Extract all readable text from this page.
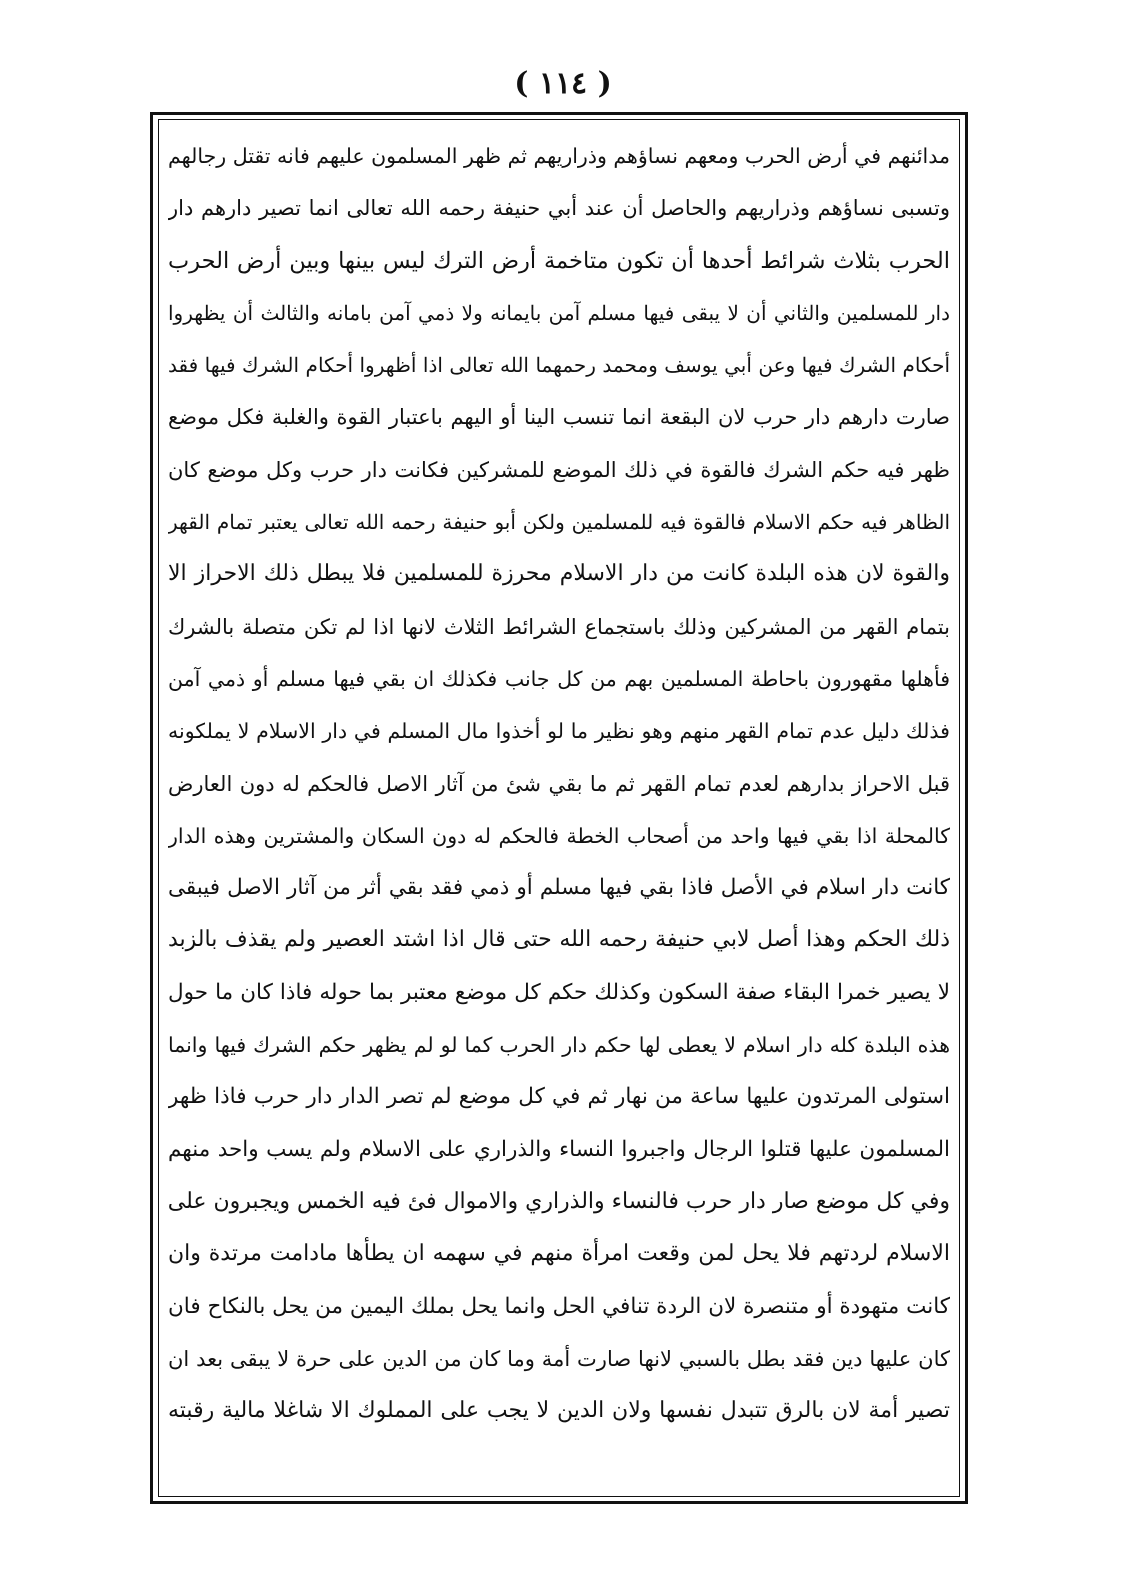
( ١١٤ )
مدائنهم في أرض الحرب ومعهم نساؤهم وذراريهم ثم ظهر المسلمون عليهم فانه تقتل رجالهم
وتسبى نساؤهم وذراريهم والحاصل أن عند أبي حنيفة رحمه الله تعالى انما تصير دارهم دار
الحرب بثلاث شرائط أحدها أن تكون متاخمة أرض الترك ليس بينها وبين أرض الحرب
دار للمسلمين والثاني أن لا يبقى فيها مسلم آمن بايمانه ولا ذمي آمن بامانه والثالث أن يظهروا
أحكام الشرك فيها وعن أبي يوسف ومحمد رحمهما الله تعالى اذا أظهروا أحكام الشرك فيها فقد
صارت دارهم دار حرب لان البقعة انما تنسب الينا أو اليهم باعتبار القوة والغلبة فكل موضع
ظهر فيه حكم الشرك فالقوة في ذلك الموضع للمشركين فكانت دار حرب وكل موضع كان
الظاهر فيه حكم الاسلام فالقوة فيه للمسلمين ولكن أبو حنيفة رحمه الله تعالى يعتبر تمام القهر
والقوة لان هذه البلدة كانت من دار الاسلام محرزة للمسلمين فلا يبطل ذلك الاحراز الا
بتمام القهر من المشركين وذلك باستجماع الشرائط الثلاث لانها اذا لم تكن متصلة بالشرك
فأهلها مقهورون باحاطة المسلمين بهم من كل جانب فكذلك ان بقي فيها مسلم أو ذمي آمن
فذلك دليل عدم تمام القهر منهم وهو نظير ما لو أخذوا مال المسلم في دار الاسلام لا يملكونه
قبل الاحراز بدارهم لعدم تمام القهر ثم ما بقي شئ من آثار الاصل فالحكم له دون العارض
كالمحلة اذا بقي فيها واحد من أصحاب الخطة فالحكم له دون السكان والمشترين وهذه الدار
كانت دار اسلام في الأصل فاذا بقي فيها مسلم أو ذمي فقد بقي أثر من آثار الاصل فيبقى
ذلك الحكم وهذا أصل لابي حنيفة رحمه الله حتى قال اذا اشتد العصير ولم يقذف بالزبد
لا يصير خمرا البقاء صفة السكون وكذلك حكم كل موضع معتبر بما حوله فاذا كان ما حول
هذه البلدة كله دار اسلام لا يعطى لها حكم دار الحرب كما لو لم يظهر حكم الشرك فيها وانما
استولى المرتدون عليها ساعة من نهار ثم في كل موضع لم تصر الدار دار حرب فاذا ظهر
المسلمون عليها قتلوا الرجال واجبروا النساء والذراري على الاسلام ولم يسب واحد منهم
وفي كل موضع صار دار حرب فالنساء والذراري والاموال فئ فيه الخمس ويجبرون على
الاسلام لردتهم فلا يحل لمن وقعت امرأة منهم في سهمه ان يطأها مادامت مرتدة وان
كانت متهودة أو متنصرة لان الردة تنافي الحل وانما يحل بملك اليمين من يحل بالنكاح فان
كان عليها دين فقد بطل بالسبي لانها صارت أمة وما كان من الدين على حرة لا يبقى بعد ان
تصير أمة لان بالرق تتبدل نفسها ولان الدين لا يجب على المملوك الا شاغلا مالية رقبته
